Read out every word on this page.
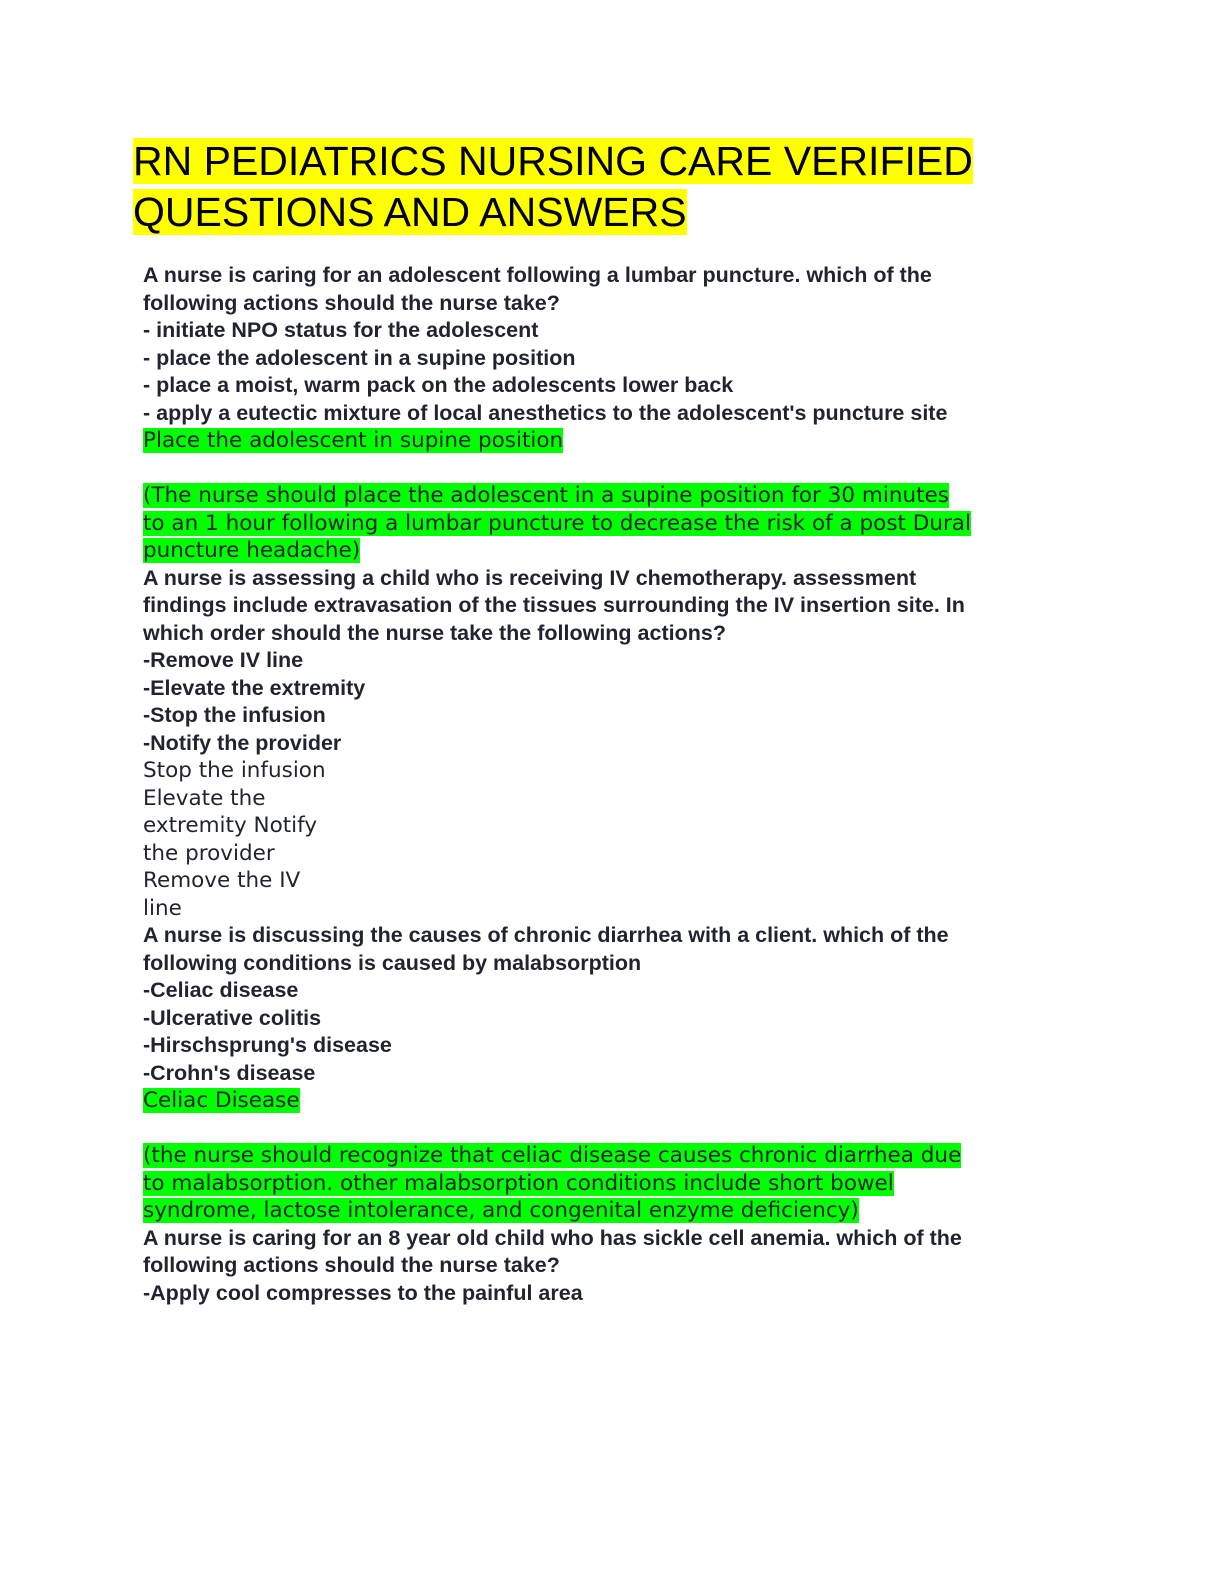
RN PEDIATRICS NURSING CARE VERIFIED
QUESTIONS AND ANSWERS
A nurse is caring for an adolescent following a lumbar puncture. which of the
following actions should the nurse take?
- initiate NPO status for the adolescent
- place the adolescent in a supine position
- place a moist, warm pack on the adolescents lower back
- apply a eutectic mixture of local anesthetics to the adolescent's puncture site
Place the adolescent in supine position
(The nurse should place the adolescent in a supine position for 30 minutes
to an 1 hour following a lumbar puncture to decrease the risk of a post Dural
puncture headache)
A nurse is assessing a child who is receiving IV chemotherapy. assessment
findings include extravasation of the tissues surrounding the IV insertion site. In
which order should the nurse take the following actions?
-Remove IV line
-Elevate the extremity
-Stop the infusion
-Notify the provider
Stop the infusion
Elevate the
extremity Notify
the provider
Remove the IV
line
A nurse is discussing the causes of chronic diarrhea with a client. which of the
following conditions is caused by malabsorption
-Celiac disease
-Ulcerative colitis
-Hirschsprung's disease
-Crohn's disease
Celiac Disease
(the nurse should recognize that celiac disease causes chronic diarrhea due
to malabsorption. other malabsorption conditions include short bowel
syndrome, lactose intolerance, and congenital enzyme deficiency)
A nurse is caring for an 8 year old child who has sickle cell anemia. which of the
following actions should the nurse take?
-Apply cool compresses to the painful area
